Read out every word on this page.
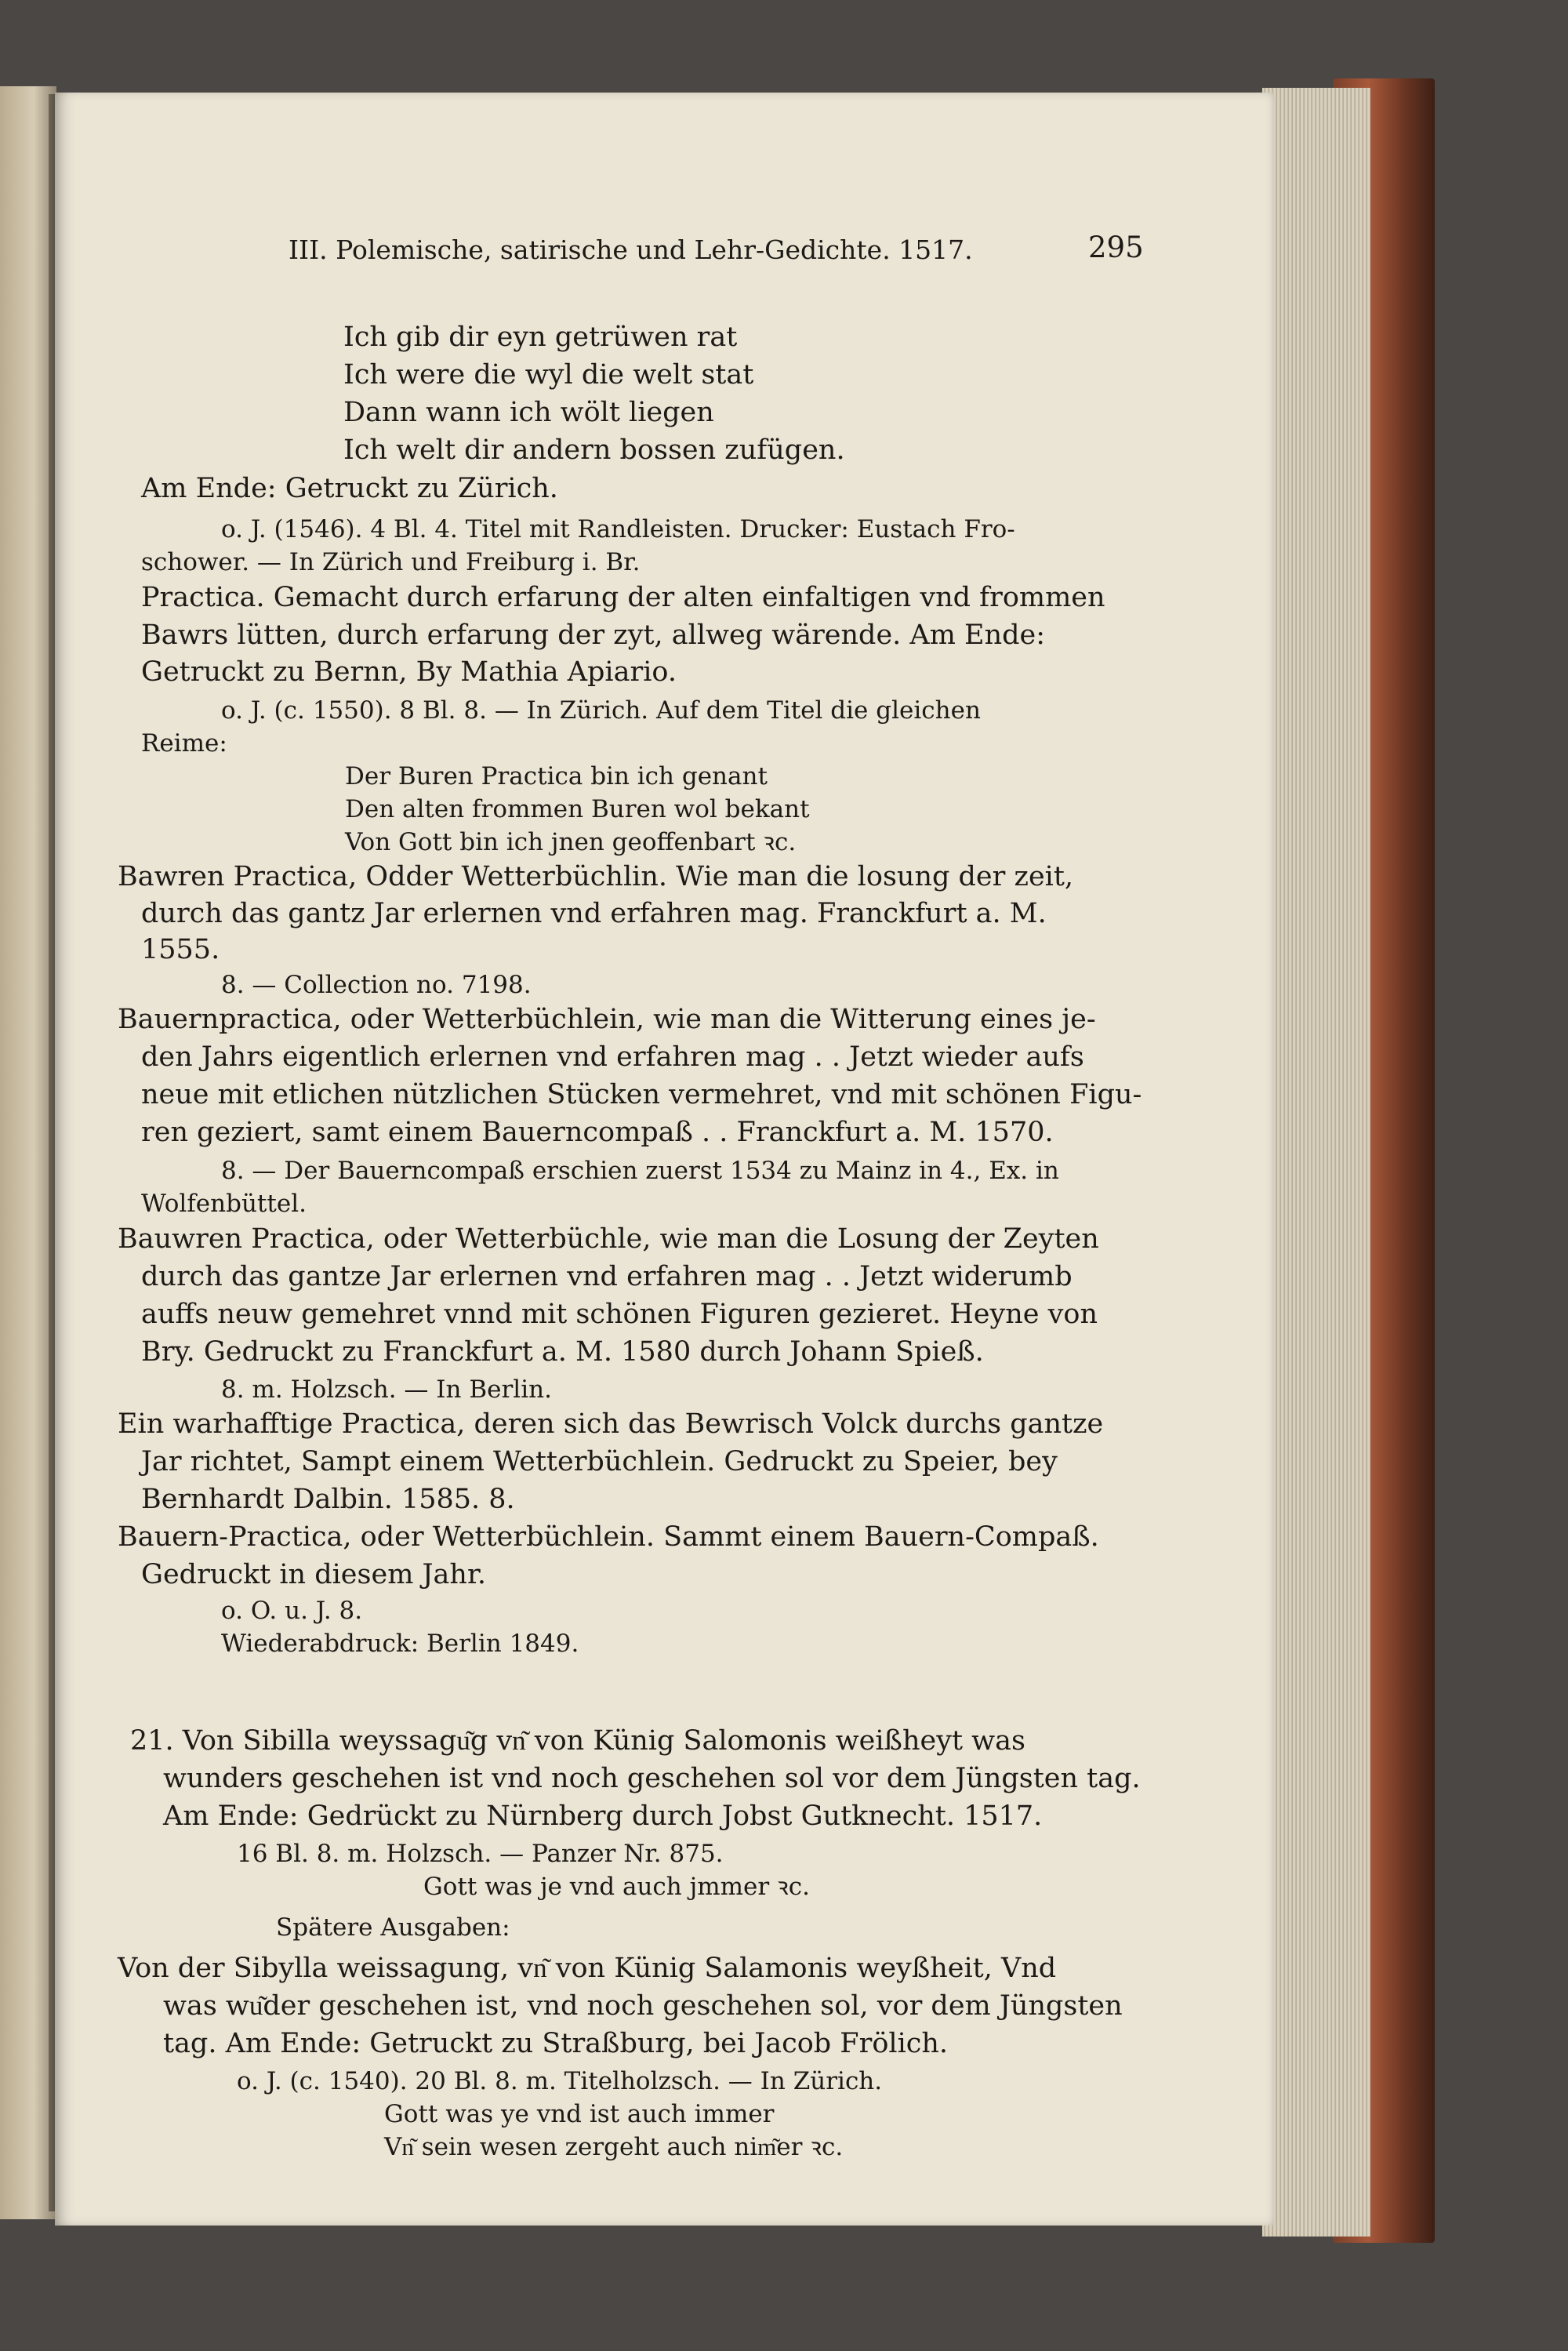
III. Polemische, satirische und Lehr-Gedichte. 1517.	295
Ich gib dir eyn getrüwen rat
Ich were die wyl die welt stat
Dann wann ich wölt liegen
Ich welt dir andern bossen zufügen.
Am Ende: Getruckt zu Zürich.
o. J. (1546). 4 Bl. 4. Titel mit Randleisten. Drucker: Eustach Fro-
schower. — In Zürich und Freiburg i. Br.
Practica. Gemacht durch erfarung der alten einfaltigen vnd frommen
Bawrs lütten, durch erfarung der zyt, allweg wärende. Am Ende:
Getruckt zu Bernn, By Mathia Apiario.
o. J. (c. 1550). 8 Bl. 8. — In Zürich. Auf dem Titel die gleichen
Reime:
Der Buren Practica bin ich genant
Den alten frommen Buren wol bekant
Von Gott bin ich jnen geoffenbart ꝛc.
Bawren Practica, Odder Wetterbüchlin. Wie man die losung der zeit,
durch das gantz Jar erlernen vnd erfahren mag. Franckfurt a. M.
1555.
8. — Collection no. 7198.
Bauernpractica, oder Wetterbüchlein, wie man die Witterung eines je-
den Jahrs eigentlich erlernen vnd erfahren mag . . Jetzt wieder aufs
neue mit etlichen nützlichen Stücken vermehret, vnd mit schönen Figu-
ren geziert, samt einem Bauerncompaß . . Franckfurt a. M. 1570.
8. — Der Bauerncompaß erschien zuerst 1534 zu Mainz in 4., Ex. in
Wolfenbüttel.
Bauwren Practica, oder Wetterbüchle, wie man die Losung der Zeyten
durch das gantze Jar erlernen vnd erfahren mag . . Jetzt widerumb
auffs neuw gemehret vnnd mit schönen Figuren gezieret. Heyne von
Bry. Gedruckt zu Franckfurt a. M. 1580 durch Johann Spieß.
8. m. Holzsch. — In Berlin.
Ein warhafftige Practica, deren sich das Bewrisch Volck durchs gantze
Jar richtet, Sampt einem Wetterbüchlein. Gedruckt zu Speier, bey
Bernhardt Dalbin. 1585. 8.
Bauern-Practica, oder Wetterbüchlein. Sammt einem Bauern-Compaß.
Gedruckt in diesem Jahr.
o. O. u. J. 8.
Wiederabdruck: Berlin 1849.
21. Von Sibilla weyssagu͂g vn͂ von Künig Salomonis weißheyt was
wunders geschehen ist vnd noch geschehen sol vor dem Jüngsten tag.
Am Ende: Gedrückt zu Nürnberg durch Jobst Gutknecht. 1517.
16 Bl. 8. m. Holzsch. — Panzer Nr. 875.
Gott was je vnd auch jmmer ꝛc.
Spätere Ausgaben:
Von der Sibylla weissagung, vn͂ von Künig Salamonis weyßheit, Vnd
was wu͂der geschehen ist, vnd noch geschehen sol, vor dem Jüngsten
tag. Am Ende: Getruckt zu Straßburg, bei Jacob Frölich.
o. J. (c. 1540). 20 Bl. 8. m. Titelholzsch. — In Zürich.
Gott was ye vnd ist auch immer
Vn͂ sein wesen zergeht auch nim͂er ꝛc.
